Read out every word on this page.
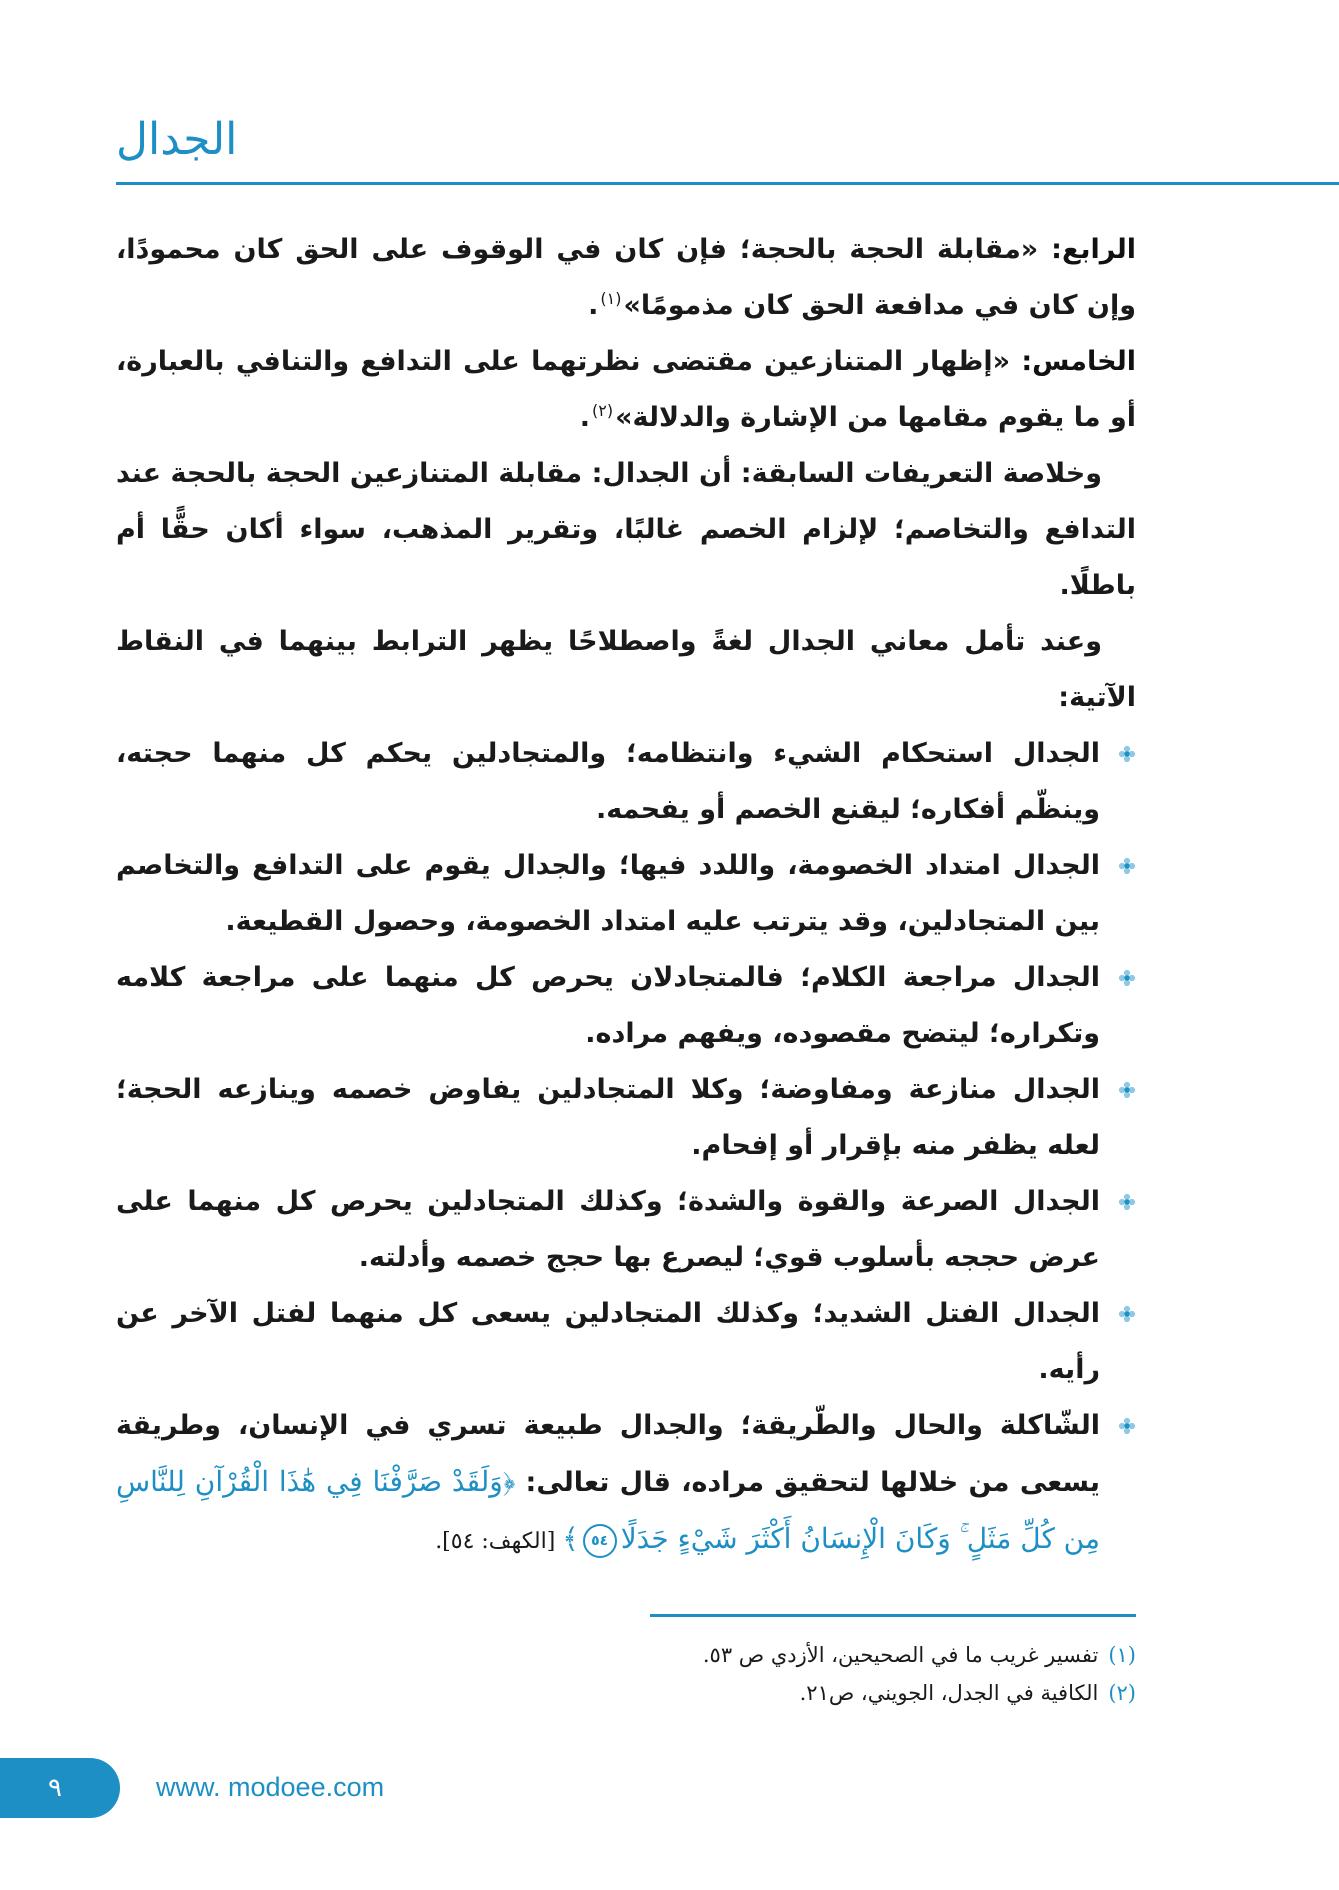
الجدال

الرابع: «مقابلة الحجة بالحجة؛ فإن كان في الوقوف على الحق كان محمودًا، وإن كان في مدافعة الحق كان مذمومًا»$^{(١)}$.

الخامس: «إظهار المتنازعين مقتضى نظرتهما على التدافع والتنافي بالعبارة، أو ما يقوم مقامها من الإشارة والدلالة»$^{(٢)}$.

وخلاصة التعريفات السابقة: أن الجدال: مقابلة المتنازعين الحجة بالحجة عند التدافع والتخاصم؛ لإلزام الخصم غالبًا، وتقرير المذهب، سواء أكان حقًّا أم باطلًا.

وعند تأمل معاني الجدال لغةً واصطلاحًا يظهر الترابط بينهما في النقاط الآتية:

الجدال استحكام الشيء وانتظامه؛ والمتجادلين يحكم كل منهما حجته، وينظّم أفكاره؛ ليقنع الخصم أو يفحمه.
الجدال امتداد الخصومة، واللدد فيها؛ والجدال يقوم على التدافع والتخاصم بين المتجادلين، وقد يترتب عليه امتداد الخصومة، وحصول القطيعة.
الجدال مراجعة الكلام؛ فالمتجادلان يحرص كل منهما على مراجعة كلامه وتكراره؛ ليتضح مقصوده، ويفهم مراده.
الجدال منازعة ومفاوضة؛ وكلا المتجادلين يفاوض خصمه وينازعه الحجة؛ لعله يظفر منه بإقرار أو إفحام.
الجدال الصرعة والقوة والشدة؛ وكذلك المتجادلين يحرص كل منهما على عرض حججه بأسلوب قوي؛ ليصرع بها حجج خصمه وأدلته.
الجدال الفتل الشديد؛ وكذلك المتجادلين يسعى كل منهما لفتل الآخر عن رأيه.
الشّاكلة والحال والطّريقة؛ والجدال طبيعة تسري في الإنسان، وطريقة يسعى من خلالها لتحقيق مراده، قال تعالى: ﴿وَلَقَدْ صَرَّفْنَا فِي هَٰذَا الْقُرْآنِ لِلنَّاسِ مِن كُلِّ مَثَلٍ ۚ وَكَانَ الْإِنسَانُ أَكْثَرَ شَيْءٍ جَدَلًا٥٤﴾ [الكهف: ٥٤].
(١)تفسير غريب ما في الصحيحين، الأزدي ص ٥٣.
(٢)الكافية في الجدل، الجويني، ص٢١.
٩	www. modoee.com
